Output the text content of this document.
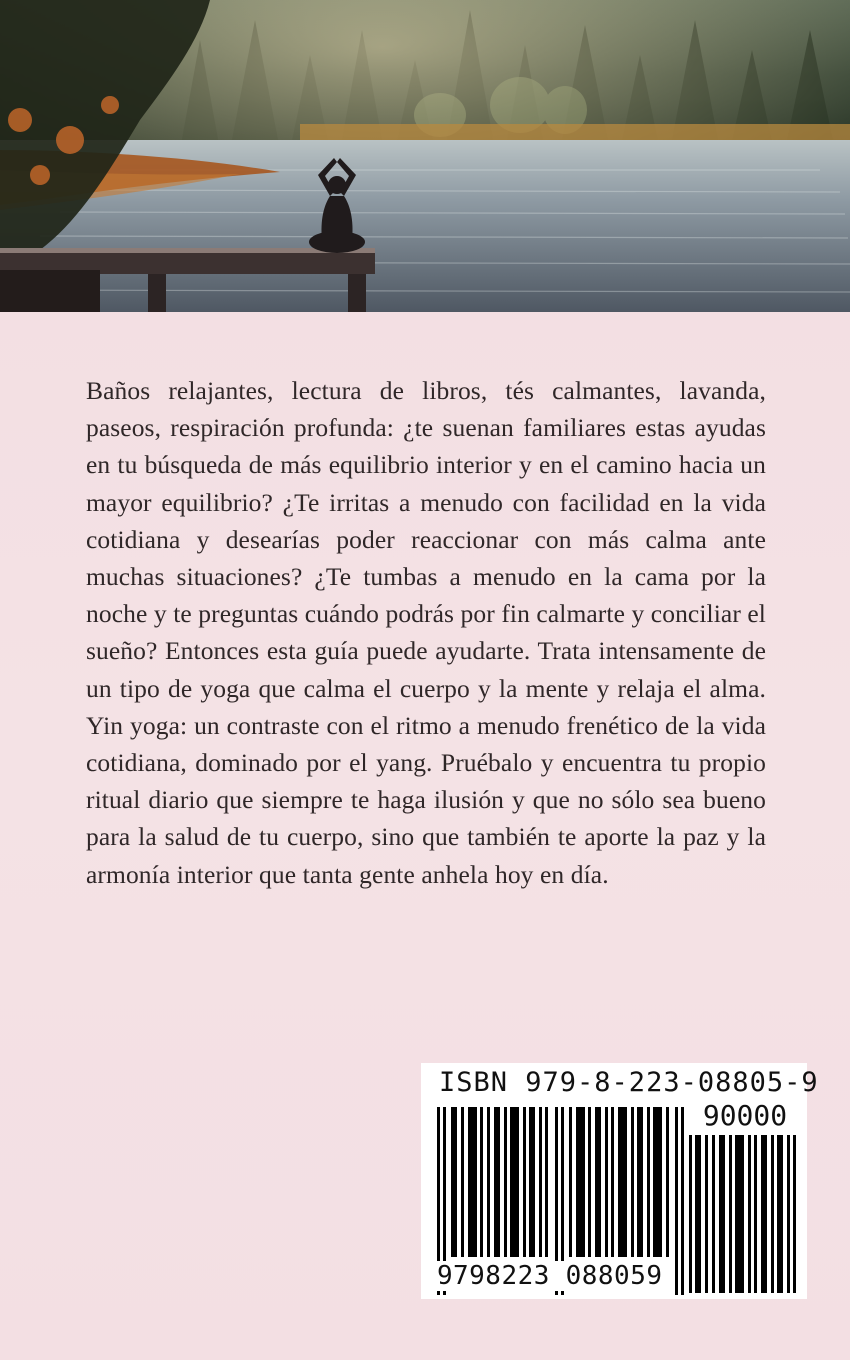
Baños relajantes, lectura de libros, tés calmantes, lavanda, paseos, respiración profunda: ¿te suenan familiares estas ayudas en tu búsqueda de más equilibrio interior y en el camino hacia un mayor equilibrio? ¿Te irritas a menudo con facilidad en la vida cotidiana y desearías poder reaccionar con más calma ante muchas situaciones? ¿Te tumbas a menudo en la cama por la noche y te preguntas cuándo podrás por fin calmarte y conciliar el sueño? Entonces esta guía puede ayudarte. Trata intensamente de un tipo de yoga que calma el cuerpo y la mente y relaja el alma. Yin yoga: un contraste con el ritmo a menudo frenético de la vida cotidiana, dominado por el yang. Pruébalo y encuentra tu propio ritual diario que siempre te haga ilusión y que no sólo sea bueno para la salud de tu cuerpo, sino que también te aporte la paz y la armonía interior que tanta gente anhela hoy en día.

ISBN 979-8-223-08805-9
90000
9798223 088059
